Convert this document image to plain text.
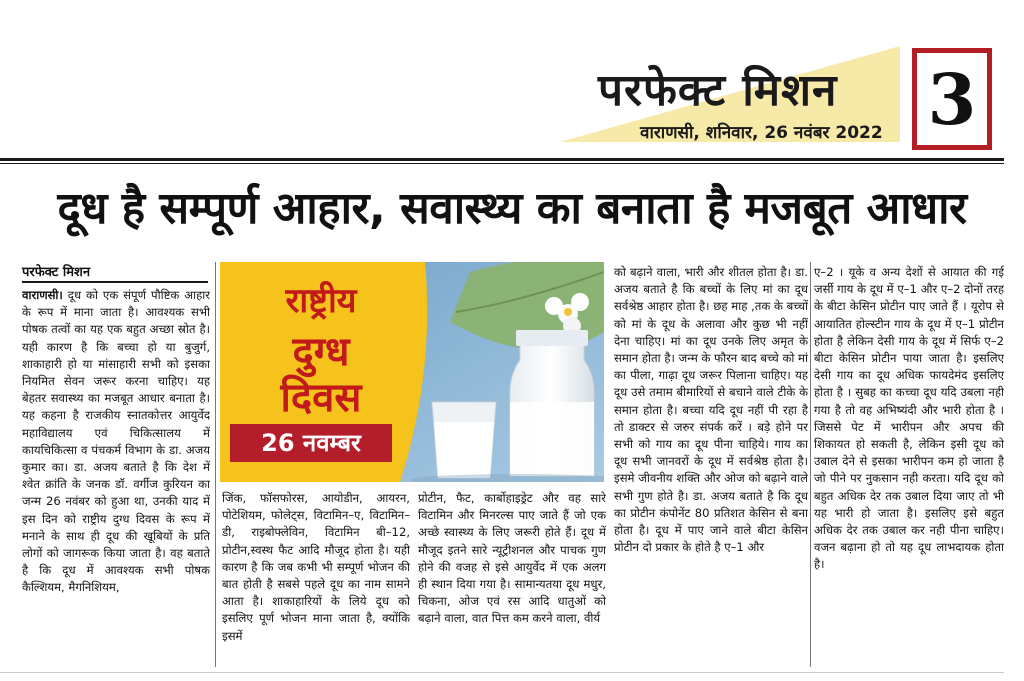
परफेक्ट मिशन
वाराणसी, शनिवार, 26 नवंबर 2022 3
दूध है सम्पूर्ण आहार, सवास्थ्य का बनाता है मजबूत आधार
परफेक्ट मिशन
वाराणसी। दूध को एक संपूर्ण पौष्टिक आहार के रूप में माना जाता है। आवश्यक सभी पोषक तत्वों का यह एक बहुत अच्छा स्रोत है। यही कारण है कि बच्चा हो या बुजुर्ग, शाकाहारी हो या मांसाहारी सभी को इसका नियमित सेवन जरूर करना चाहिए। यह बेहतर सवास्थ्य का मजबूत आधार बनाता है। यह कहना है राजकीय स्नातकोत्तर आयुर्वेद महाविद्यालय एवं चिकित्सालय में कायचिकित्सा व पंचकर्म विभाग के डा. अजय कुमार का। डा. अजय बताते है कि देश में श्वेत क्रांति के जनक डॉ. वर्गीज कुरियन का जन्म 26 नवंबर को हुआ था, उनकी याद में इस दिन को राष्ट्रीय दुग्ध दिवस के रूप में मनाने के साथ ही दूध की खूबियों के प्रति लोगों को जागरूक किया जाता है। वह बताते है कि दूध में आवश्यक सभी पोषक कैल्शियम, मैगनिशियम,
राष्ट्रीय
दुग्ध
दिवस
26 नवम्बर
जिंक, फॉसफोरस, आयोडीन, आयरन, पोटेशियम, फोलेट्स, विटामिन–ए, विटामिन–डी, राइबोफ्लेविन, विटामिन बी–12, प्रोटीन,स्वस्थ फैट आदि मौजूद होता है। यही कारण है कि जब कभी भी सम्पूर्ण भोजन की बात होती है सबसे पहले दूध का नाम सामने आता है। शाकाहारियों के लिये दूध को इसलिए पूर्ण भोजन माना जाता है, क्योंकि इसमें
प्रोटीन, फैट, कार्बोहाइड्रेट और वह सारे विटामिन और मिनरल्स पाए जाते हैं जो एक अच्छे स्वास्थ्य के लिए जरूरी होते हैं। दूध में मौजूद इतने सारे न्यूट्रीशनल और पाचक गुण होने की वजह से इसे आयुर्वेद में एक अलग ही स्थान दिया गया है। सामान्यतया दूध मधुर, चिकना, ओज एवं रस आदि धातुओं को बढ़ाने वाला, वात पित्त कम करने वाला, वीर्य
को बढ़ाने वाला, भारी और शीतल होता है। डा. अजय बताते है कि बच्चों के लिए मां का दूध सर्वश्रेष्ठ आहार होता है। छह माह ,तक के बच्चों को मां के दूध के अलावा और कुछ भी नहीं देना चाहिए। मां का दूध उनके लिए अमृत के समान होता है। जन्म के फौरन बाद बच्चे को मां का पीला, गाढ़ा दूध जरूर पिलाना चाहिए। यह दूध उसे तमाम बीमारियों से बचाने वाले टीके के समान होता है। बच्चा यदि दूध नहीं पी रहा है तो डाक्टर से जरुर संपर्क करें । बड़े होने पर सभी को गाय का दूध पीना चाहिये। गाय का दूध सभी जानवरों के दूध में सर्वश्रेष्ठ होता है। इसमे जीवनीय शक्ति और ओज को बढ़ाने वाले सभी गुण होते है। डा. अजय बताते है कि दूध का प्रोटीन कंपोनेंट 80 प्रतिशत केसिन से बना होता है। दूध में पाए जाने वाले बीटा केसिन प्रोटीन दो प्रकार के होते है ए–1 और
ए–2 । यूके व अन्य देशों से आयात की गई जर्सी गाय के दूध में ए–1 और ए–2 दोनों तरह के बीटा केसिन प्रोटीन पाए जाते हैं । यूरोप से आयातित होल्स्टीन गाय के दूध में ए–1 प्रोटीन होता है लेकिन देसी गाय के दूध में सिर्फ ए–2 बीटा केसिन प्रोटीन पाया जाता है। इसलिए देसी गाय का दूध अधिक फायदेमंद इसलिए होता है । सुबह का कच्चा दूध यदि उबला नही गया है तो वह अभिष्यंदी और भारी होता है । जिससे पेट में भारीपन और अपच की शिकायत हो सकती है, लेकिन इसी दूध को उबाल देने से इसका भारीपन कम हो जाता है जो पीने पर नुकसान नही करता। यदि दूध को बहुत अधिक देर तक उबाल दिया जाए तो भी यह भारी हो जाता है। इसलिए इसे बहुत अधिक देर तक उबाल कर नही पीना चाहिए। वजन बढ़ाना हो तो यह दूध लाभदायक होता है।
